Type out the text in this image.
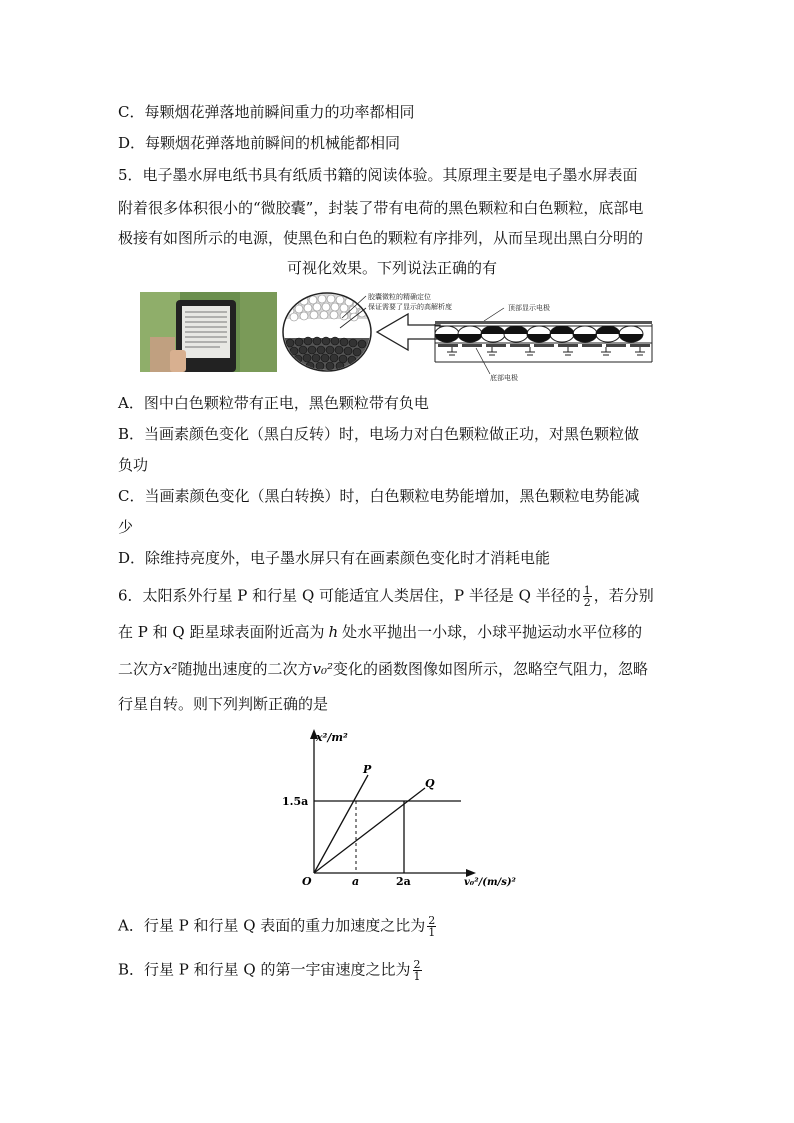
C．每颗烟花弹落地前瞬间重力的功率都相同
D．每颗烟花弹落地前瞬间的机械能都相同
5．电子墨水屏电纸书具有纸质书籍的阅读体验。其原理主要是电子墨水屏表面
附着很多体积很小的“微胶囊”，封装了带有电荷的黑色颗粒和白色颗粒，底部电
极接有如图所示的电源，使黑色和白色的颗粒有序排列，从而呈现出黑白分明的
可视化效果。下列说法正确的有
胶囊微粒的精确定位
保证需要了显示的高解析度	顶部显示电极
底部电极
A．图中白色颗粒带有正电，黑色颗粒带有负电
B．当画素颜色变化（黑白反转）时，电场力对白色颗粒做正功，对黑色颗粒做
负功
C．当画素颜色变化（黑白转换）时，白色颗粒电势能增加，黑色颗粒电势能减
少
D．除维持亮度外，电子墨水屏只有在画素颜色变化时才消耗电能
6．太阳系外行星 P 和行星 Q 可能适宜人类居住，P 半径是 Q 半径的 $\frac{1}{2}$ ，若分别
在 P 和 Q 距星球表面附近高为 h 处水平抛出一小球，小球平抛运动水平位移的
二次方x²随抛出速度的二次方v₀²变化的函数图像如图所示，忽略空气阻力，忽略
行星自转。则下列判断正确的是
x²/m²
v₀²/(m/s)²
O
P
Q
1.5a
a	2a
A．行星 P 和行星 Q 表面的重力加速度之比为 $\frac{2}{1}$
B．行星 P 和行星 Q 的第一宇宙速度之比为 $\frac{2}{1}$
